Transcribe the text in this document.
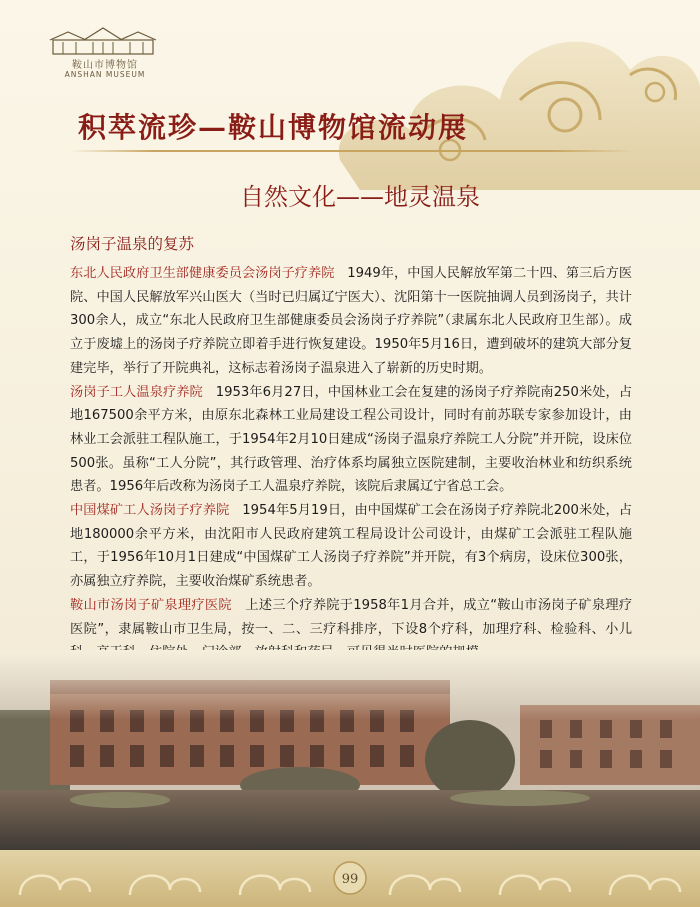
鞍山市博物馆
ANSHAN MUSEUM
积萃流珍—鞍山博物馆流动展
自然文化——地灵温泉
汤岗子温泉的复苏

东北人民政府卫生部健康委员会汤岗子疗养院 1949年，中国人民解放军第二十四、第三后方医院、中国人民解放军兴山医大（当时已归属辽宁医大）、沈阳第十一医院抽调人员到汤岗子，共计300余人，成立“东北人民政府卫生部健康委员会汤岗子疗养院”（隶属东北人民政府卫生部）。成立于废墟上的汤岗子疗养院立即着手进行恢复建设。1950年5月16日，遭到破坏的建筑大部分复建完毕，举行了开院典礼，这标志着汤岗子温泉进入了崭新的历史时期。

汤岗子工人温泉疗养院 1953年6月27日，中国林业工会在复建的汤岗子疗养院南250米处，占地167500余平方米，由原东北森林工业局建设工程公司设计，同时有前苏联专家参加设计，由林业工会派驻工程队施工，于1954年2月10日建成“汤岗子温泉疗养院工人分院”并开院，设床位500张。虽称“工人分院”，其行政管理、治疗体系均属独立医院建制，主要收治林业和纺织系统患者。1956年后改称为汤岗子工人温泉疗养院，该院后隶属辽宁省总工会。

中国煤矿工人汤岗子疗养院 1954年5月19日，由中国煤矿工会在汤岗子疗养院北200米处，占地180000余平方米，由沈阳市人民政府建筑工程局设计公司设计，由煤矿工会派驻工程队施工，于1956年10月1日建成“中国煤矿工人汤岗子疗养院”并开院，有3个病房，设床位300张，亦属独立疗养院，主要收治煤矿系统患者。

鞍山市汤岗子矿泉理疗医院 上述三个疗养院于1958年1月合并，成立“鞍山市汤岗子矿泉理疗医院”，隶属鞍山市卫生局，按一、二、三疗科排序，下设8个疗科，加理疗科、检验科、小儿

99
